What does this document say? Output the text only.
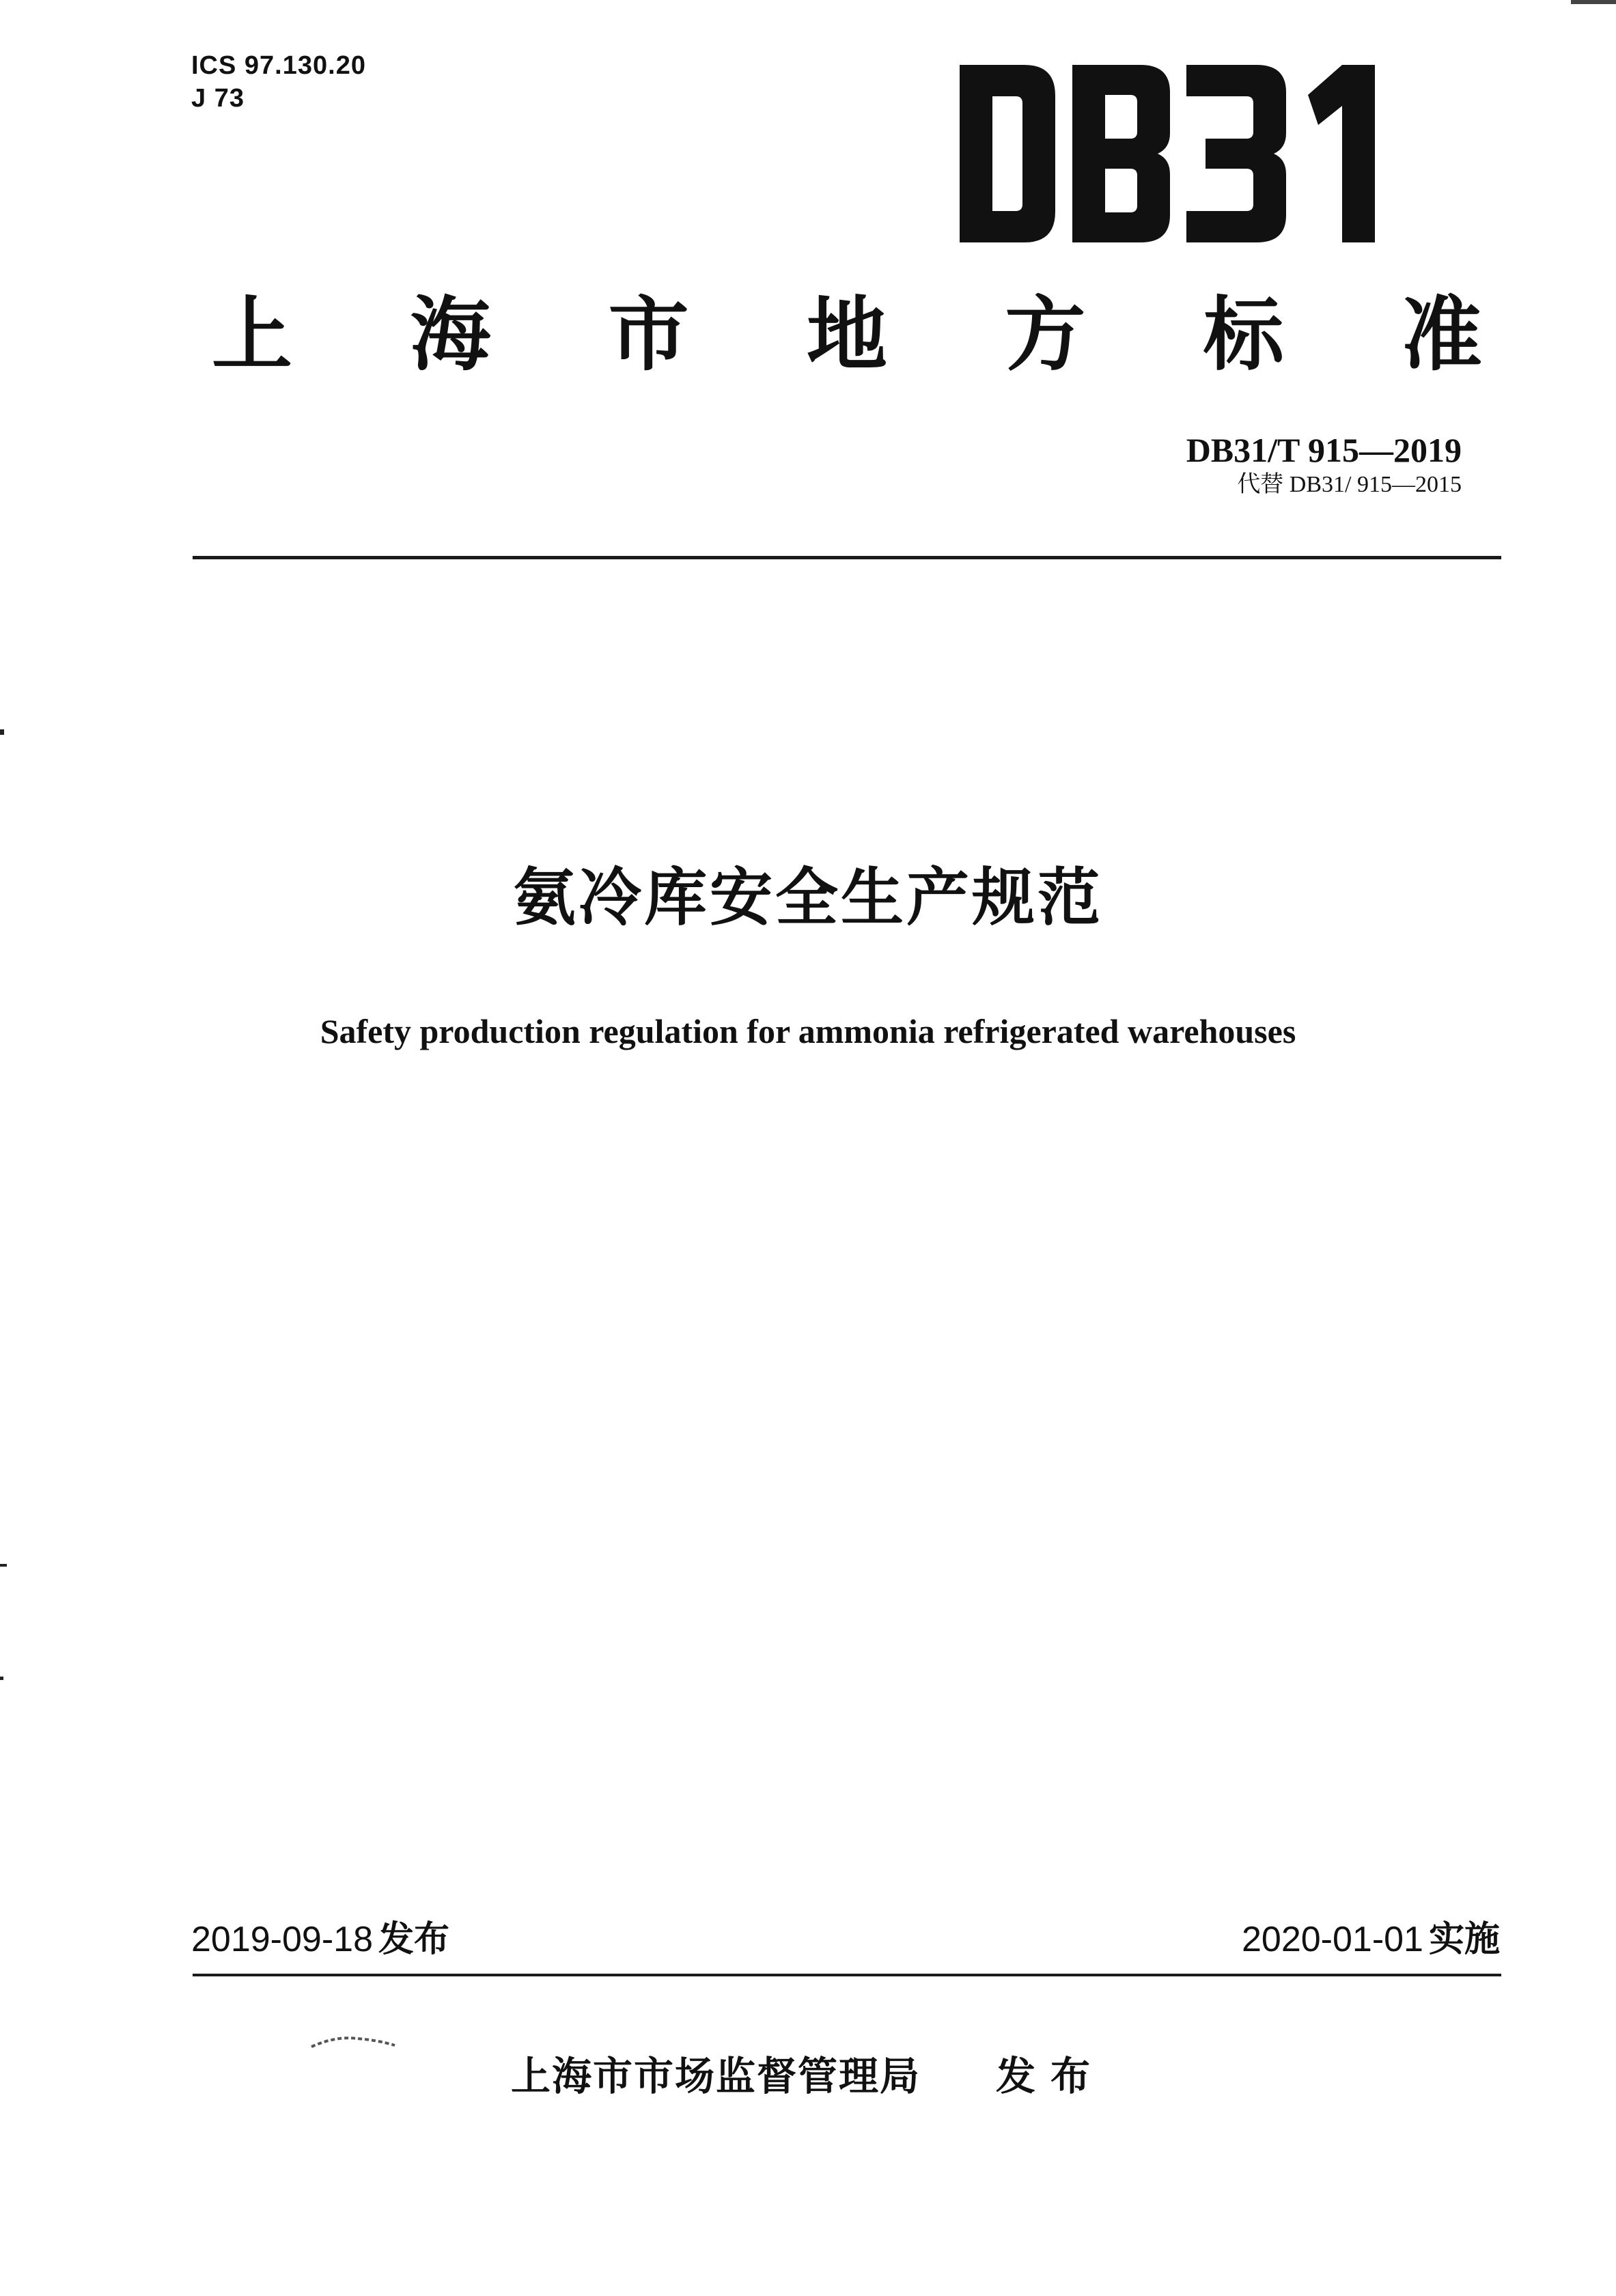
ICS 97.130.20
J 73
上 海 市 地 方 标 准
DB31/T 915—2019
代替 DB31/ 915—2015
氨冷库安全生产规范
Safety production regulation for ammonia refrigerated warehouses
2019-09-18 发布	2020-01-01 实施
上海市市场监督管理局 发布
